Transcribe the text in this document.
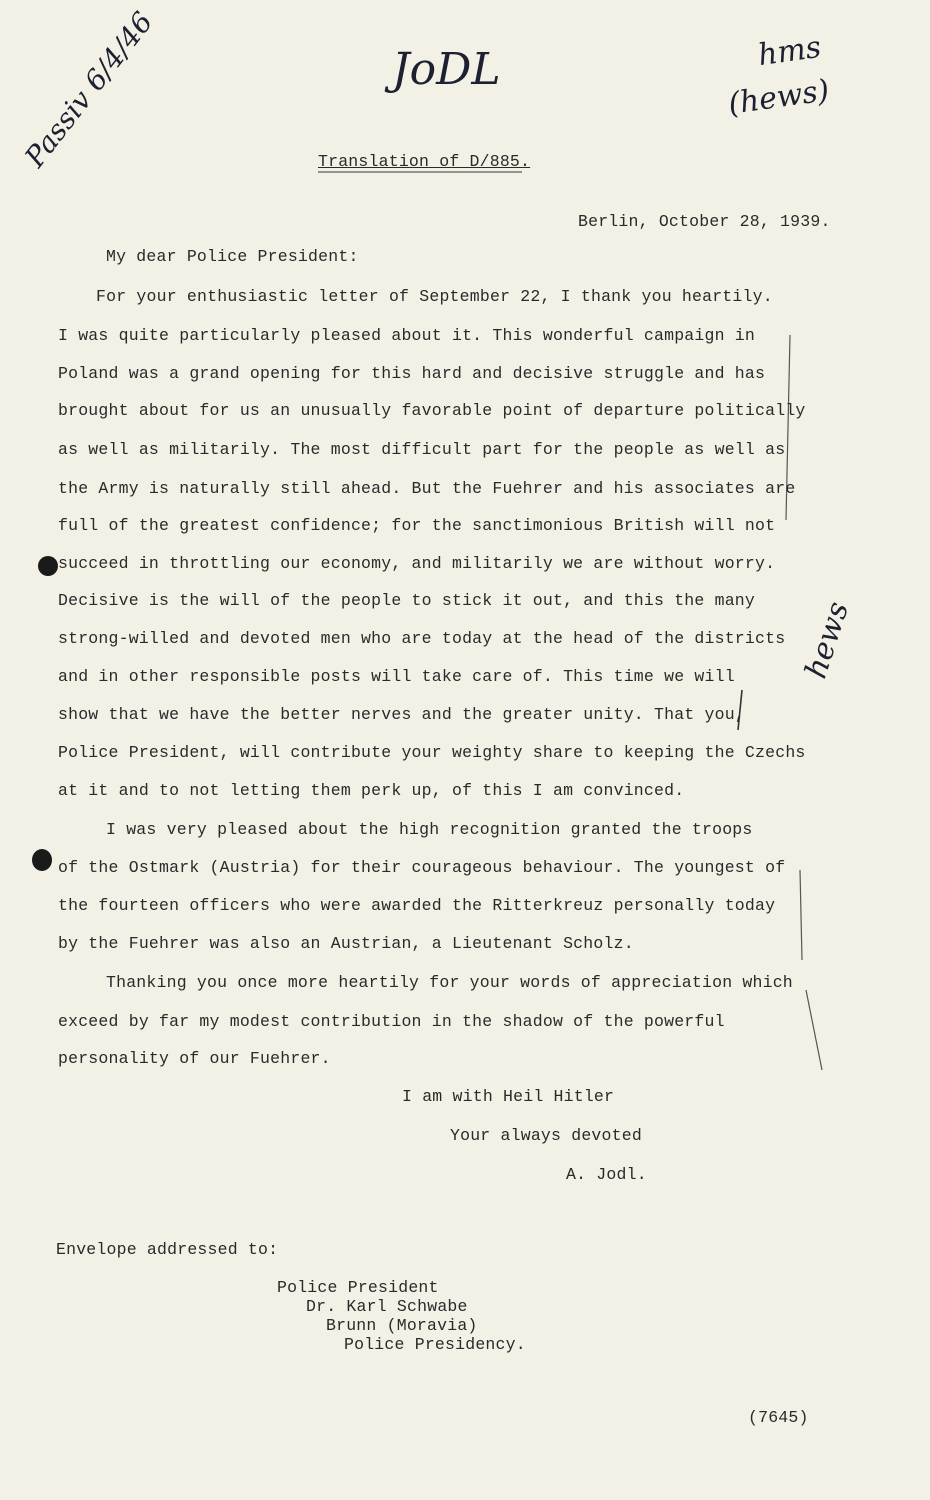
JoDL
Passiv 6/4/46	hms
(hews)
hews
Translation of D/885.
Berlin, October 28, 1939.
My dear Police President:
For your enthusiastic letter of September 22, I thank you heartily.
I was quite particularly pleased about it. This wonderful campaign in
Poland was a grand opening for this hard and decisive struggle and has
brought about for us an unusually favorable point of departure politically
as well as militarily. The most difficult part for the people as well as
the Army is naturally still ahead. But the Fuehrer and his associates are
full of the greatest confidence; for the sanctimonious British will not
succeed in throttling our economy, and militarily we are without worry.
Decisive is the will of the people to stick it out, and this the many
strong-willed and devoted men who are today at the head of the districts
and in other responsible posts will take care of. This time we will
show that we have the better nerves and the greater unity. That you,
Police President, will contribute your weighty share to keeping the Czechs
at it and to not letting them perk up, of this I am convinced.
I was very pleased about the high recognition granted the troops
of the Ostmark (Austria) for their courageous behaviour. The youngest of
the fourteen officers who were awarded the Ritterkreuz personally today
by the Fuehrer was also an Austrian, a Lieutenant Scholz.
Thanking you once more heartily for your words of appreciation which
exceed by far my modest contribution in the shadow of the powerful
personality of our Fuehrer.
I am with Heil Hitler
Your always devoted
A. Jodl.
Envelope addressed to:
Police President
Dr. Karl Schwabe
Brunn (Moravia)
Police Presidency.
(7645)
